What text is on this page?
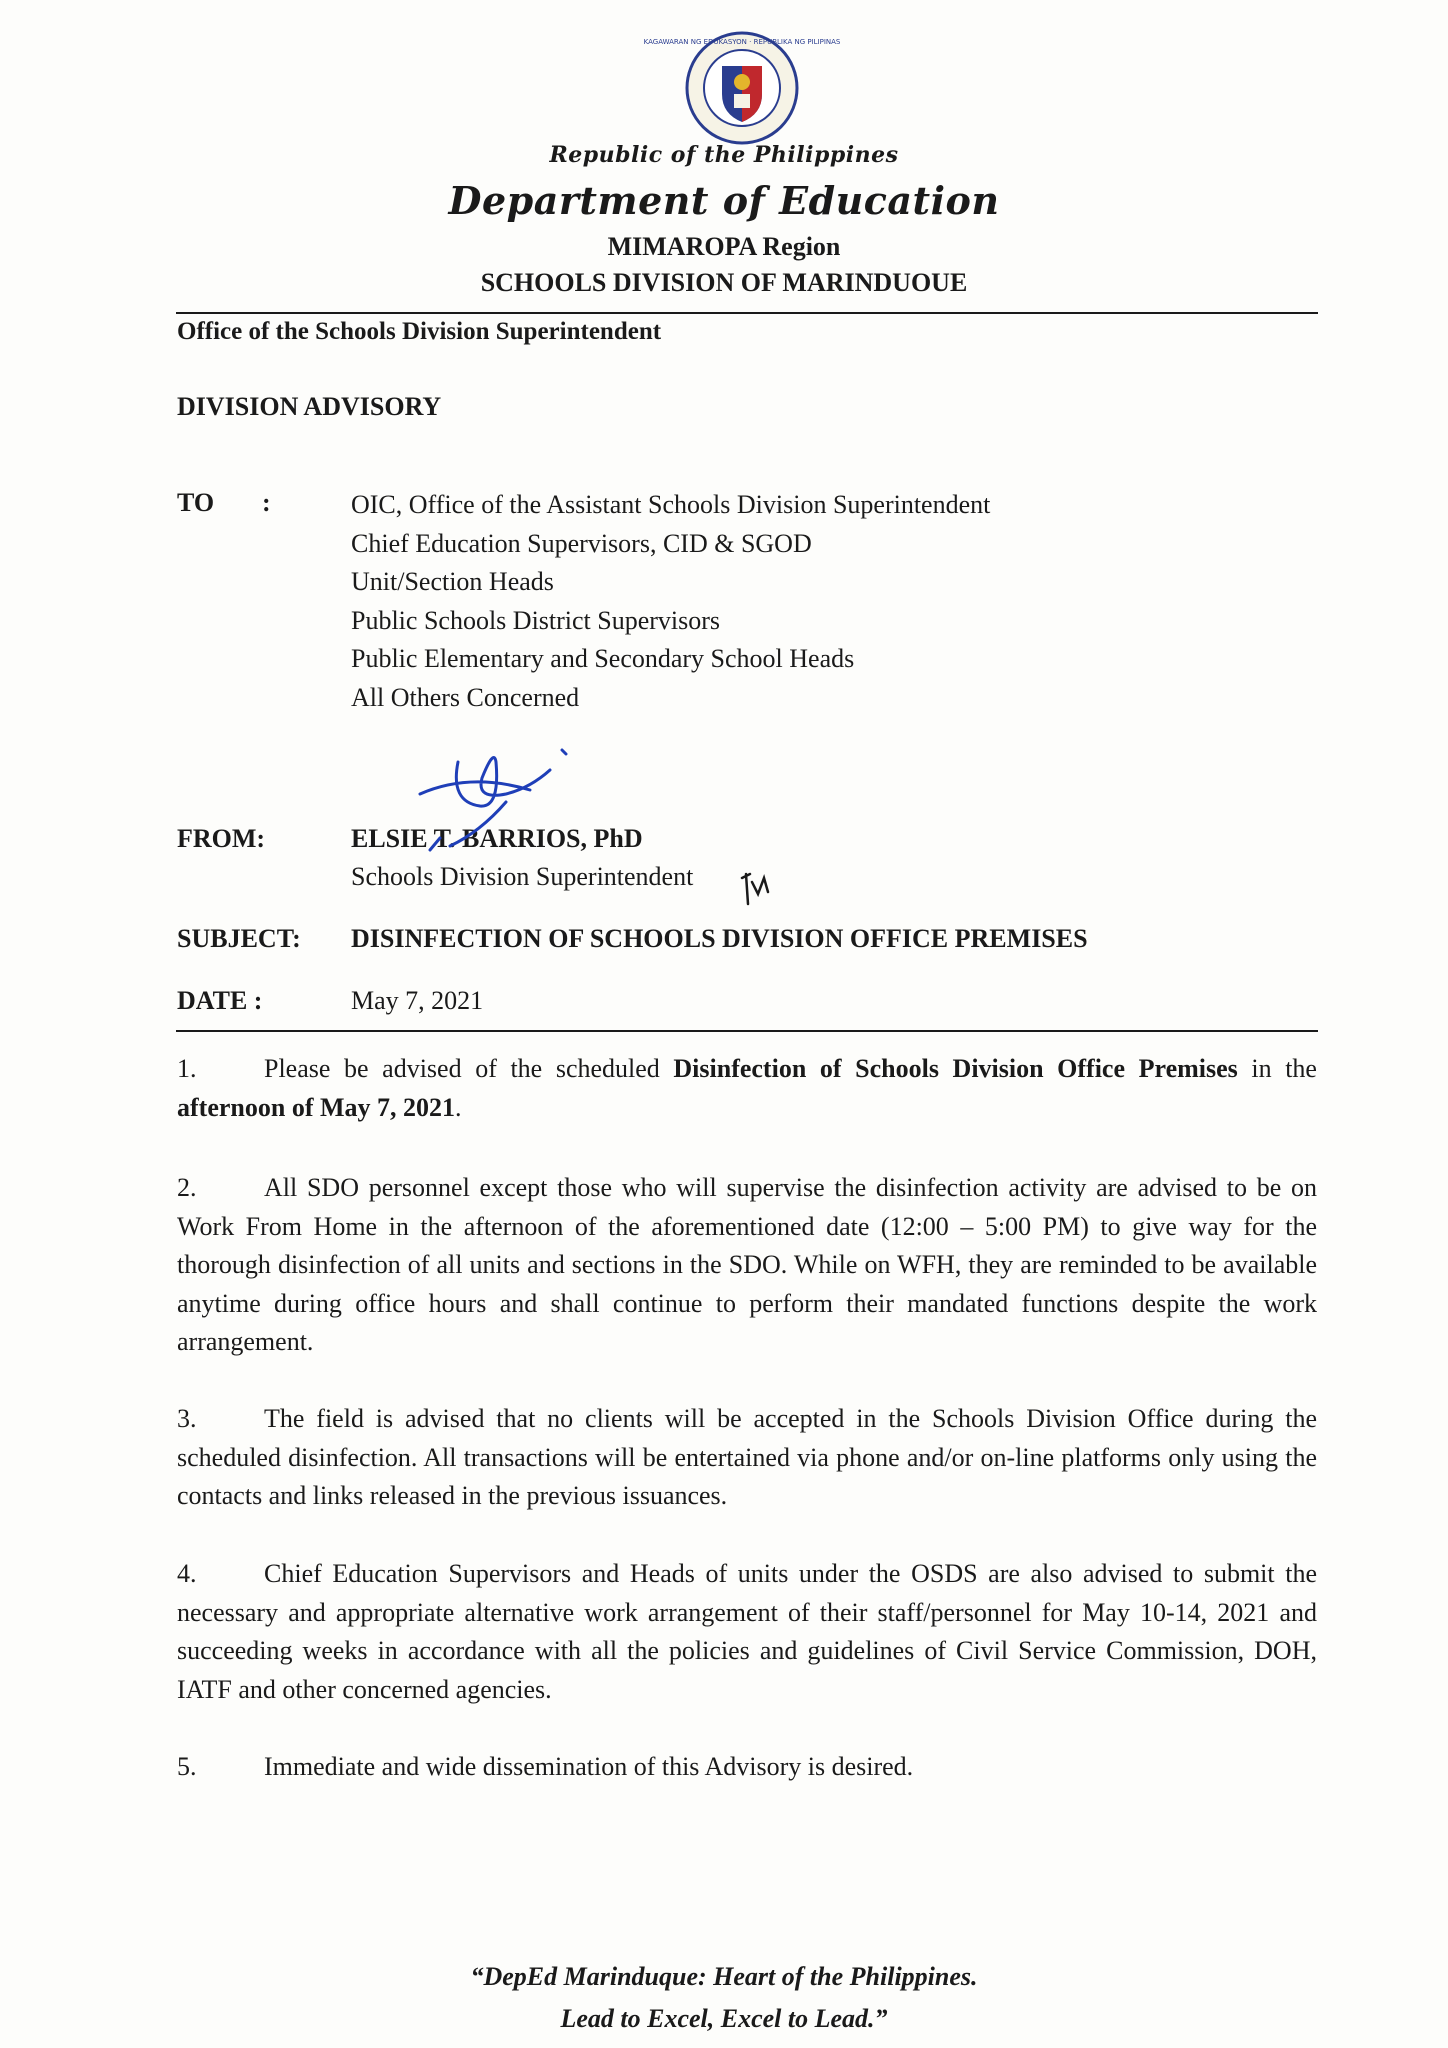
KAGAWARAN NG EDUKASYON · REPUBLIKA NG PILIPINAS
Republic of the Philippines
Department of Education
MIMAROPA Region
SCHOOLS DIVISION OF MARINDUOUE
Office of the Schools Division Superintendent
DIVISION ADVISORY
TO :	OIC, Office of the Assistant Schools Division Superintendent
Chief Education Supervisors, CID & SGOD
Unit/Section Heads
Public Schools District Supervisors
Public Elementary and Secondary School Heads
All Others Concerned
FROM:	ELSIE T. BARRIOS, PhD
Schools Division Superintendent
SUBJECT: DISINFECTION OF SCHOOLS DIVISION OFFICE PREMISES
DATE :	May 7, 2021

1.	Please be advised of the scheduled Disinfection of Schools Division Office Premises in the afternoon of May 7, 2021.

2.	All SDO personnel except those who will supervise the disinfection activity are advised to be on Work From Home in the afternoon of the aforementioned date (12:00 – 5:00 PM) to give way for the thorough disinfection of all units and sections in the SDO. While on WFH, they are reminded to be available anytime during office hours and shall continue to perform their mandated functions despite the work arrangement.

3.	The field is advised that no clients will be accepted in the Schools Division Office during the scheduled disinfection. All transactions will be entertained via phone and/or on-line platforms only using the contacts and links released in the previous issuances.

4.	Chief Education Supervisors and Heads of units under the OSDS are also advised to submit the necessary and appropriate alternative work arrangement of their staff/personnel for May 10-14, 2021 and succeeding weeks in accordance with all the policies and guidelines of Civil Service Commission, DOH, IATF and other concerned agencies.

5.	Immediate and wide dissemination of this Advisory is desired.

“DepEd Marinduque: Heart of the Philippines.
Lead to Excel, Excel to Lead.”
